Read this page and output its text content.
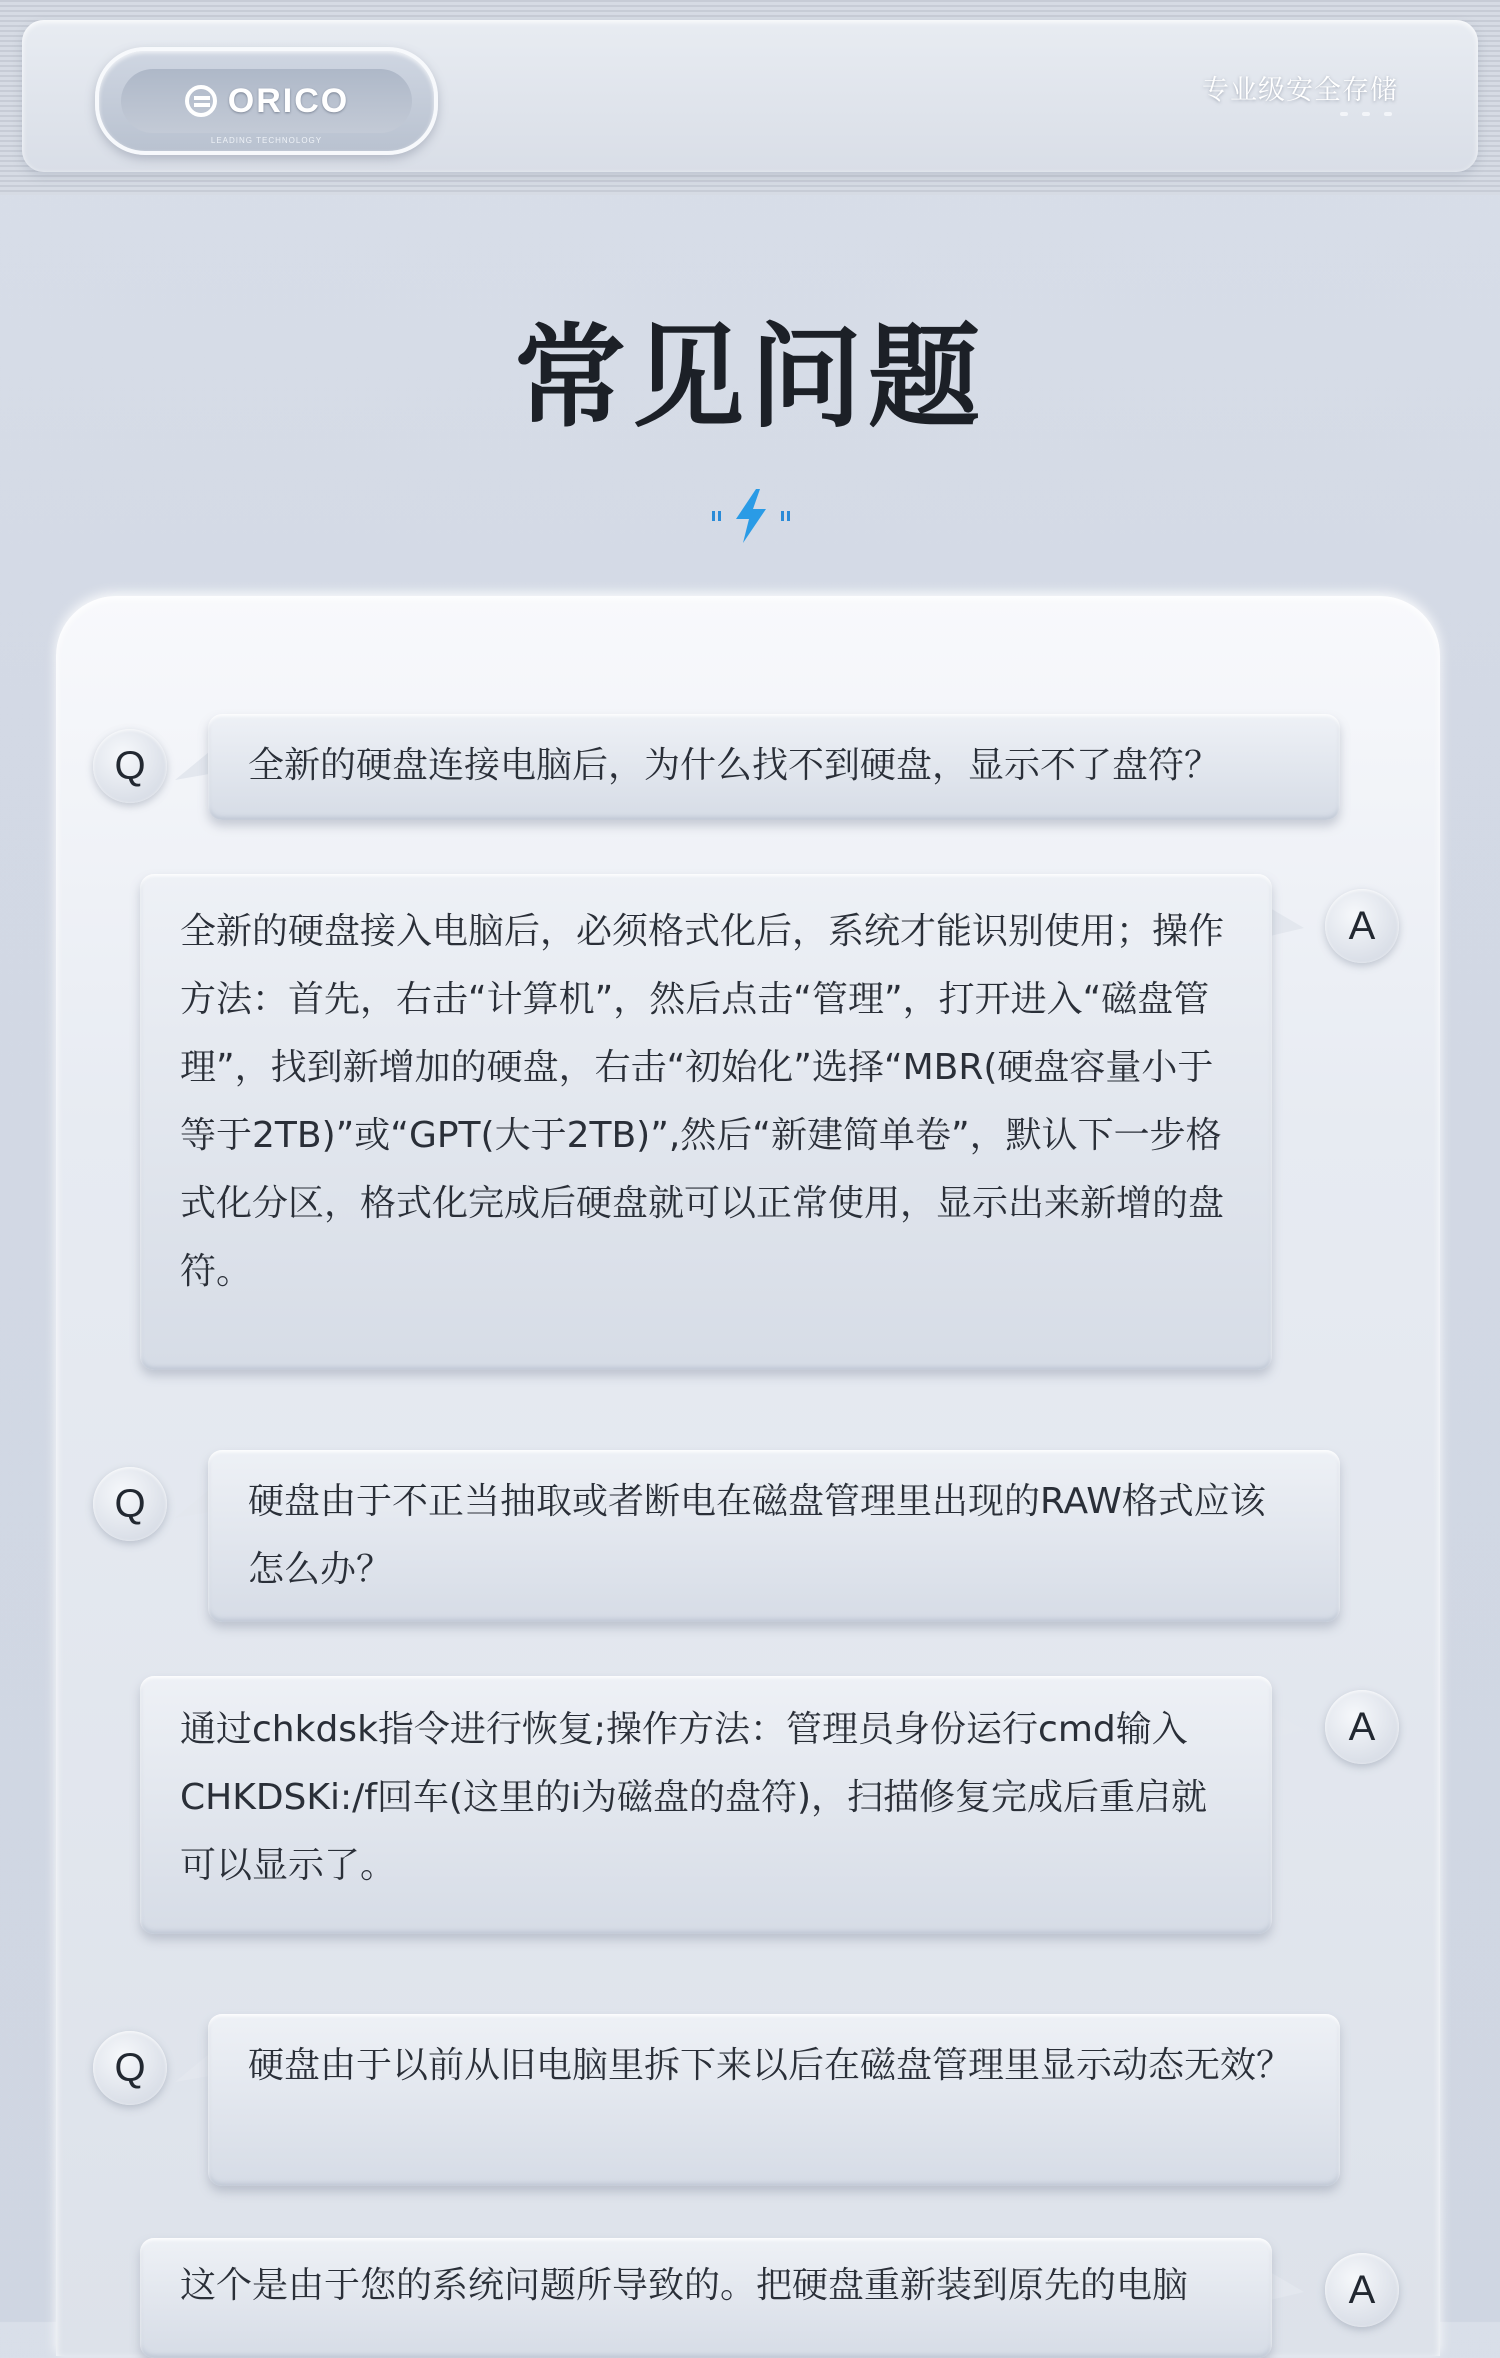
ORICO
LEADING TECHNOLOGY
专业级安全存储
常见问题
Q	全新的硬盘连接电脑后，为什么找不到硬盘，显示不了盘符？
A
全新的硬盘接入电脑后，必须格式化后，系统才能识别使用；操作方法：首先，右击“计算机”，然后点击“管理”，打开进入“磁盘管理”，找到新增加的硬盘，右击“初始化”选择“MBR(硬盘容量小于等于2TB)”或“GPT(大于2TB)”,然后“新建简单卷”，默认下一步格式化分区，格式化完成后硬盘就可以正常使用，显示出来新增的盘符。
Q	硬盘由于不正当抽取或者断电在磁盘管理里出现的RAW格式应该怎么办？
A
通过chkdsk指令进行恢复;操作方法：管理员身份运行cmd输入CHKDSKi:/f回车(这里的i为磁盘的盘符)，扫描修复完成后重启就可以显示了。
Q	硬盘由于以前从旧电脑里拆下来以后在磁盘管理里显示动态无效？
A
这个是由于您的系统问题所导致的。把硬盘重新装到原先的电脑
